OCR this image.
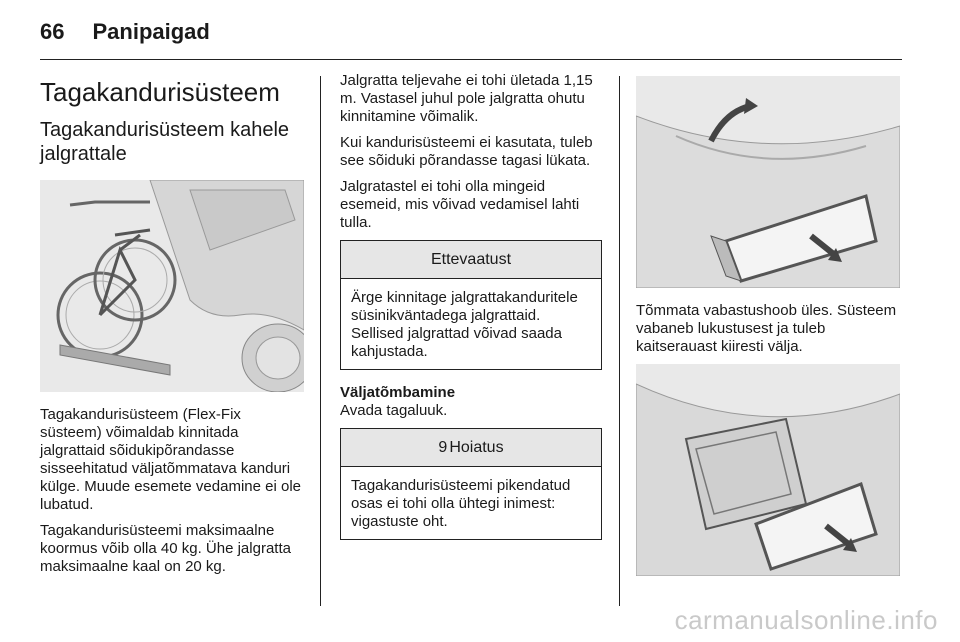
66 Panipaigad
Tagakandurisüsteem
Tagakandurisüsteem kahele jalgrattale

Tagakandurisüsteem (Flex-Fix süsteem) võimaldab kinnitada jalgrattaid sõidukipõrandasse sisseehitatud väljatõmmatava kanduri külge. Muude esemete vedamine ei ole lubatud.

Tagakandurisüsteemi maksimaalne koormus võib olla 40 kg. Ühe jalgratta maksimaalne kaal on 20 kg.

Jalgratta teljevahe ei tohi ületada 1,15 m. Vastasel juhul pole jalgratta ohutu kinnitamine võimalik.

Kui kandurisüsteemi ei kasutata, tuleb see sõiduki põrandasse tagasi lükata.

Jalgratastel ei tohi olla mingeid esemeid, mis võivad vedamisel lahti tulla.

Ettevaatust
Ärge kinnitage jalgrattakanduritele süsinikväntadega jalgrattaid. Sellised jalgrattad võivad saada kahjustada.

Väljatõmbamine

Avada tagaluuk.

9 Hoiatus
Tagakandurisüsteemi pikendatud osas ei tohi olla ühtegi inimest: vigastuste oht.

Tõmmata vabastushoob üles. Süsteem vabaneb lukustusest ja tuleb kaitserauast kiiresti välja.

carmanualsonline.info
